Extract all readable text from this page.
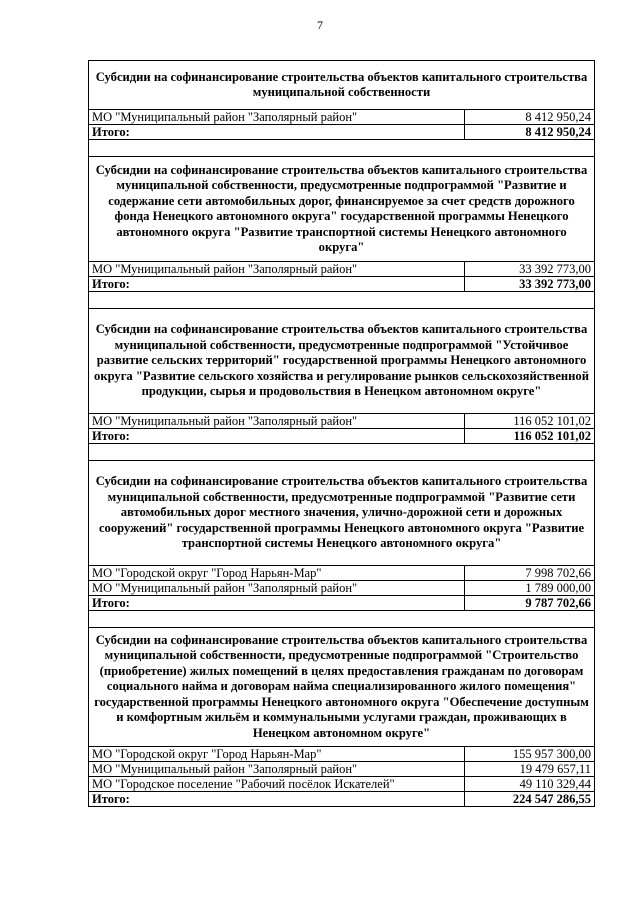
7
Субсидии на софинансирование строительства объектов капитального строительства муниципальной собственности	
МО "Муниципальный район "Заполярный район"	8 412 950,24
Итого:	8 412 950,24

Субсидии на софинансирование строительства объектов капитального строительства муниципальной собственности, предусмотренные подпрограммой "Развитие и содержание сети автомобильных дорог, финансируемое за счет средств дорожного фонда Ненецкого автономного округа" государственной программы Ненецкого автономного округа "Развитие транспортной системы Ненецкого автономного округа"	
МО "Муниципальный район "Заполярный район"	33 392 773,00
Итого:	33 392 773,00

Субсидии на софинансирование строительства объектов капитального строительства муниципальной собственности, предусмотренные подпрограммой "Устойчивое развитие сельских территорий" государственной программы Ненецкого автономного округа "Развитие сельского хозяйства и регулирование рынков сельскохозяйственной продукции, сырья и продовольствия в Ненецком автономном округе"	
МО "Муниципальный район "Заполярный район"	116 052 101,02
Итого:	116 052 101,02

Субсидии на софинансирование строительства объектов капитального строительства муниципальной собственности, предусмотренные подпрограммой "Развитие сети автомобильных дорог местного значения, улично-дорожной сети и дорожных сооружений" государственной программы Ненецкого автономного округа "Развитие транспортной системы Ненецкого автономного округа"	
МО "Городской округ "Город Нарьян-Мар"	7 998 702,66
МО "Муниципальный район "Заполярный район"	1 789 000,00
Итого:	9 787 702,66

Субсидии на софинансирование строительства объектов капитального строительства муниципальной собственности, предусмотренные подпрограммой "Строительство (приобретение) жилых помещений в целях предоставления гражданам по договорам социального найма и договорам найма специализированного жилого помещения" государственной программы Ненецкого автономного округа "Обеспечение доступным и комфортным жильём и коммунальными услугами граждан, проживающих в Ненецком автономном округе"	
МО "Городской округ "Город Нарьян-Мар"	155 957 300,00
МО "Муниципальный район "Заполярный район"	19 479 657,11
МО "Городское поселение "Рабочий посёлок Искателей"	49 110 329,44
Итого:	224 547 286,55
